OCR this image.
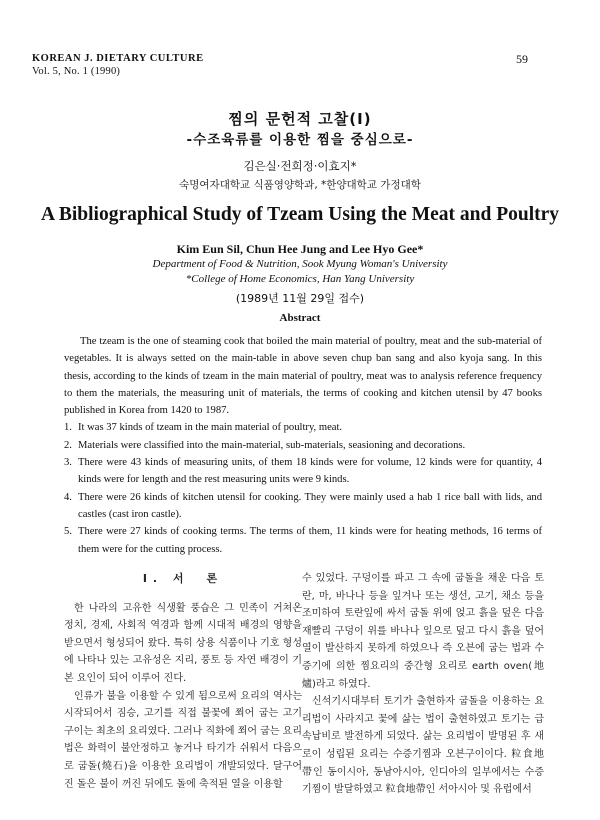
KOREAN J. DIETARY CULTURE
Vol. 5, No. 1 (1990)
59
찜의 문헌적 고찰(Ⅰ)
-수조육류를 이용한 찜을 중심으로-
김은실·전희정·이효지*
숙명여자대학교 식품영양학과, *한양대학교 가정대학
A Bibliographical Study of Tzeam Using the Meat and Poultry
Kim Eun Sil, Chun Hee Jung and Lee Hyo Gee*
Department of Food & Nutrition, Sook Myung Woman's University
*College of Home Economics, Han Yang University
(1989년 11월 29일 접수)
Abstract

The tzeam is the one of steaming cook that boiled the main material of poultry, meat and the sub-material of vegetables. It is always setted on the main-table in above seven chup ban sang and also kyoja sang. In this thesis, according to the kinds of tzeam in the main material of poultry, meat was to analysis reference frequency to them the materials, the measuring unit of materials, the terms of cooking and kitchen utensil by 47 books published in Korea from 1420 to 1987.

1. It was 37 kinds of tzeam in the main material of poultry, meat.
2. Materials were classified into the main-material, sub-materials, seasioning and decorations.
3. There were 43 kinds of measuring units, of them 18 kinds were for volume, 12 kinds were for quantity, 4 kinds were for length and the rest measuring units were 9 kinds.
4. There were 26 kinds of kitchen utensil for cooking. They were mainly used a hab 1 rice ball with lids, and castles (cast iron castle).
5. There were 27 kinds of cooking terms. The terms of them, 11 kinds were for heating methods, 16 terms of them were for the cutting process.
Ⅰ. 서　론

한 나라의 고유한 식생활 풍습은 그 민족이 거쳐온 정치, 경제, 사회적 역경과 함께 시대적 배경의 영향을 받으면서 형성되어 왔다. 특히 상용 식품이나 기호 형성에 나타나 있는 고유성은 지리, 풍토 등 자연 배경이 기본 요인이 되어 이루어 진다.

인류가 불을 이용할 수 있게 됨으로써 요리의 역사는 시작되어서 짐승, 고기를 직접 불꽃에 쬐어 굽는 고기 구이는 최초의 요리였다. 그러나 직화에 쬐어 굽는 요리법은 화력이 불안정하고 놓거나 타기가 쉬워서 다음으로 굽돌(燒石)을 이용한 요리법이 개발되었다. 달구어진 돌은 불이 꺼진 뒤에도 돌에 축적된 열을 이용할

수 있었다. 구덩이를 파고 그 속에 굽돌을 채운 다음 토란, 마, 바나나 등을 잎겨나 또는 생선, 고기, 채소 등을 조미하여 토란잎에 싸서 굽돌 위에 얹고 흙을 덮은 다음 재빨리 구덩이 위를 바나나 잎으로 덮고 다시 흙을 덮어 열이 발산하지 못하게 하였으나 즉 오븐에 굽는 법과 수증기에 의한 찜요리의 중간형 요리로 earth oven(地爐)라고 하였다.

신석기시대부터 토기가 출현하자 굽돌을 이용하는 요리법이 사라지고 꽃에 삶는 법이 출현하였고 토기는 급속납비로 발전하게 되었다. 삶는 요리법이 발명된 후 새로이 성립된 요리는 수증기찜과 오븐구이이다. 粒食地帶인 동이시아, 동남아시아, 인디아의 일부에서는 수증기찜이 발달하였고 粒食地帶인 서아시아 및 유럽에서
